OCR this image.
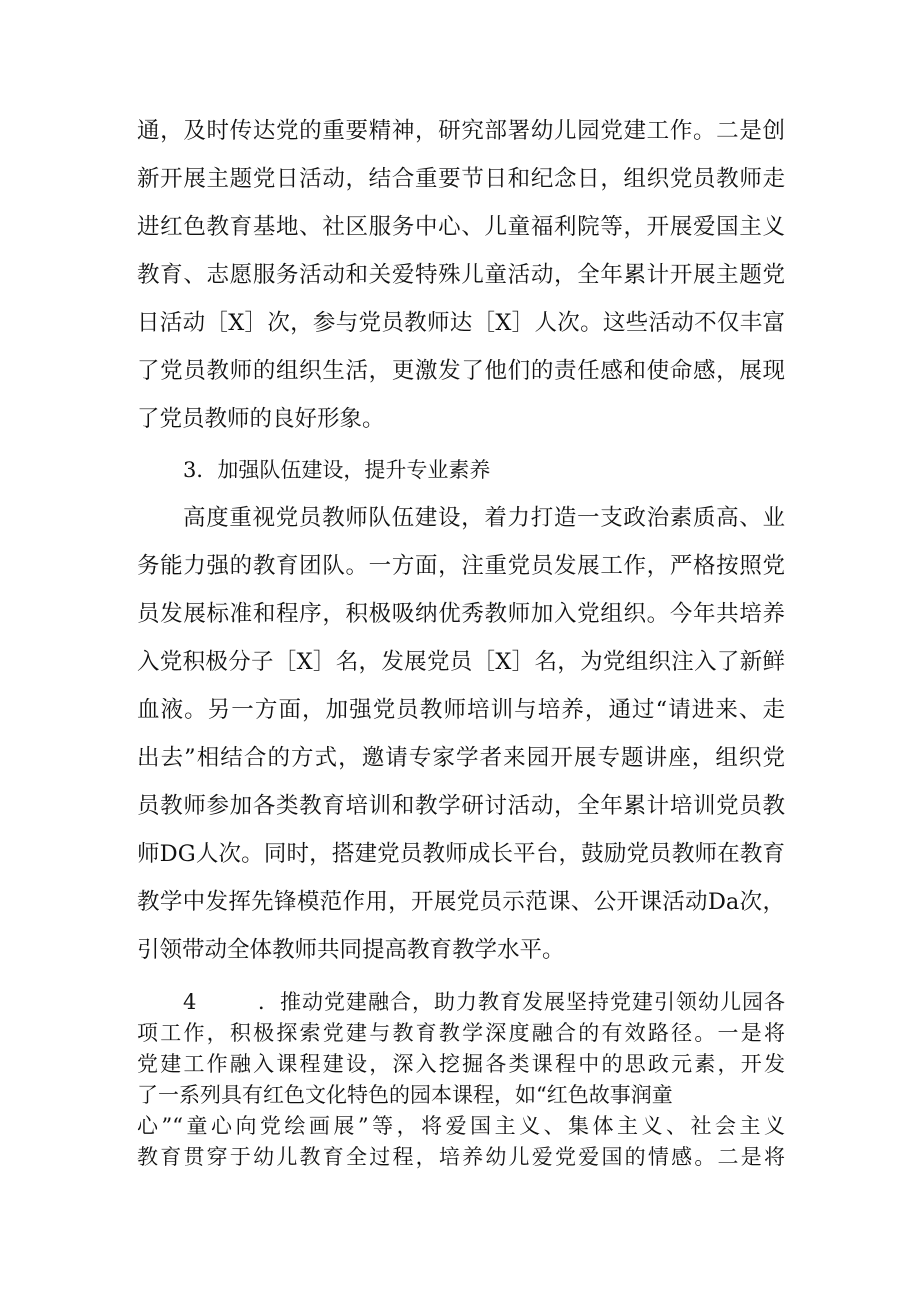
通，及时传达党的重要精神，研究部署幼儿园党建工作。二是创
新开展主题党日活动，结合重要节日和纪念日，组织党员教师走
进红色教育基地、社区服务中心、儿童福利院等，开展爱国主义
教育、志愿服务活动和关爱特殊儿童活动，全年累计开展主题党
日活动［X］次，参与党员教师达［X］人次。这些活动不仅丰富
了党员教师的组织生活，更激发了他们的责任感和使命感，展现
了党员教师的良好形象。
3．加强队伍建设，提升专业素养
高度重视党员教师队伍建设，着力打造一支政治素质高、业
务能力强的教育团队。一方面，注重党员发展工作，严格按照党
员发展标准和程序，积极吸纳优秀教师加入党组织。今年共培养
入党积极分子［X］名，发展党员［X］名，为党组织注入了新鲜
血液。另一方面，加强党员教师培训与培养，通过“请进来、走
出去”相结合的方式，邀请专家学者来园开展专题讲座，组织党
员教师参加各类教育培训和教学研讨活动，全年累计培训党员教
师DG人次。同时，搭建党员教师成长平台，鼓励党员教师在教育
教学中发挥先锋模范作用，开展党员示范课、公开课活动Da次，
引领带动全体教师共同提高教育教学水平。
4	．推动党建融合，助力教育发展坚持党建引领幼儿园各
项工作，积极探索党建与教育教学深度融合的有效路径。一是将
党建工作融入课程建设，深入挖掘各类课程中的思政元素，开发
了一系列具有红色文化特色的园本课程，如“红色故事润童
心”“童心向党绘画展”等，将爱国主义、集体主义、社会主义
教育贯穿于幼儿教育全过程，培养幼儿爱党爱国的情感。二是将
